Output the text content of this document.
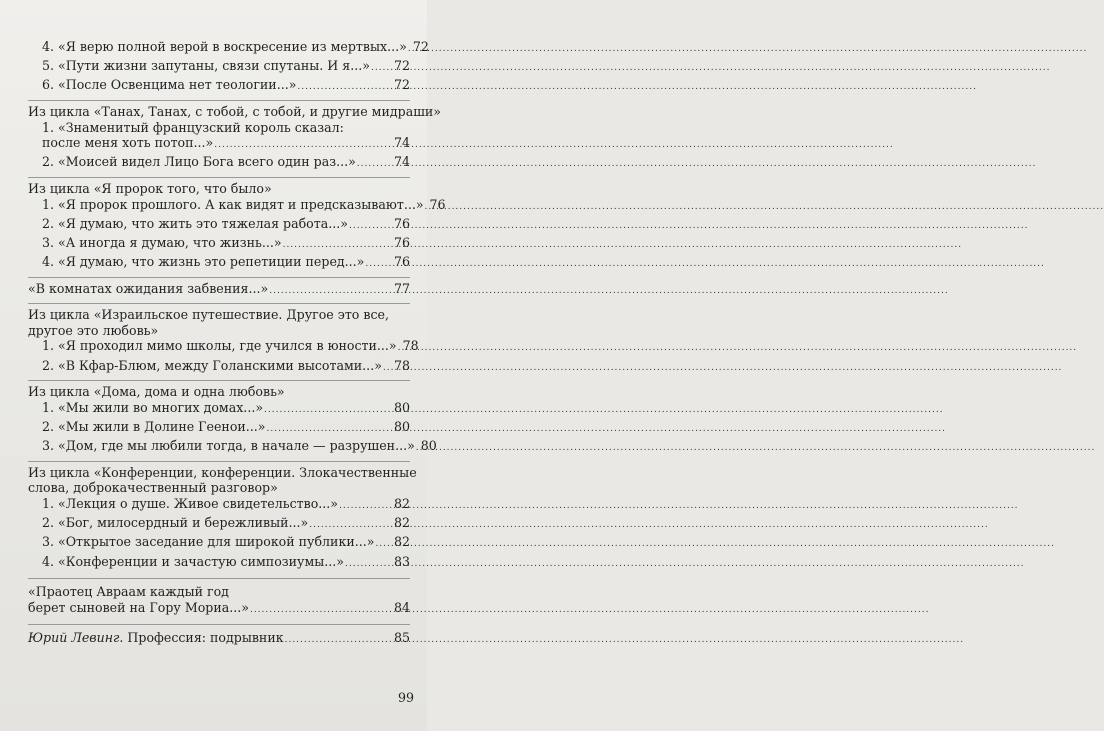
4. «Я верю полной верой в воскресение из мертвых...» ..... 72
5. «Пути жизни запутаны, связи спутаны. И я...» ..... 72
6. «После Освенцима нет теологии...» .....	72
Из цикла «Танах, Танах, с тобой, с тобой, и другие мидраши»
1. «Знаменитый французский король сказал:
после меня хоть потоп...» .....	74
2. «Моисей видел Лицо Бога всего один раз...» .....	74
Из цикла «Я пророк того, что было»
1. «Я пророк прошлого. А как видят и предсказывают...» ..... 76
2. «Я думаю, что жить это тяжелая работа...» .....	76
3. «А иногда я думаю, что жизнь...» .....	76
4. «Я думаю, что жизнь это репетиции перед...» ..... 76
«В комнатах ожидания забвения...» .....	77
Из цикла «Израильское путешествие. Другое это все,
другое это любовь»
1. «Я проходил мимо школы, где учился в юности...» ..... 78
2. «В Кфар-Блюм, между Голанскими высотами...» ..... 78
Из цикла «Дома, дома и одна любовь»
1. «Мы жили во многих домах...» .....	80
2. «Мы жили в Долине Геенои...» .....	80
3. «Дом, где мы любили тогда, в начале — разрушен...» ..... 80
Из цикла «Конференции, конференции. Злокачественные
слова, доброкачественный разговор»
1. «Лекция о душе. Живое свидетельство...» .....	82
2. «Бог, милосердный и бережливый...» .....	82
3. «Открытое заседание для широкой публики...» ..... 82
4. «Конференции и зачастую симпозиумы...» .....	83
«Праотец Авраам каждый год
берет сыновей на Гору Мориа...» .....	84
Юрий Левинг. Профессия: подрывник .....	85
99
